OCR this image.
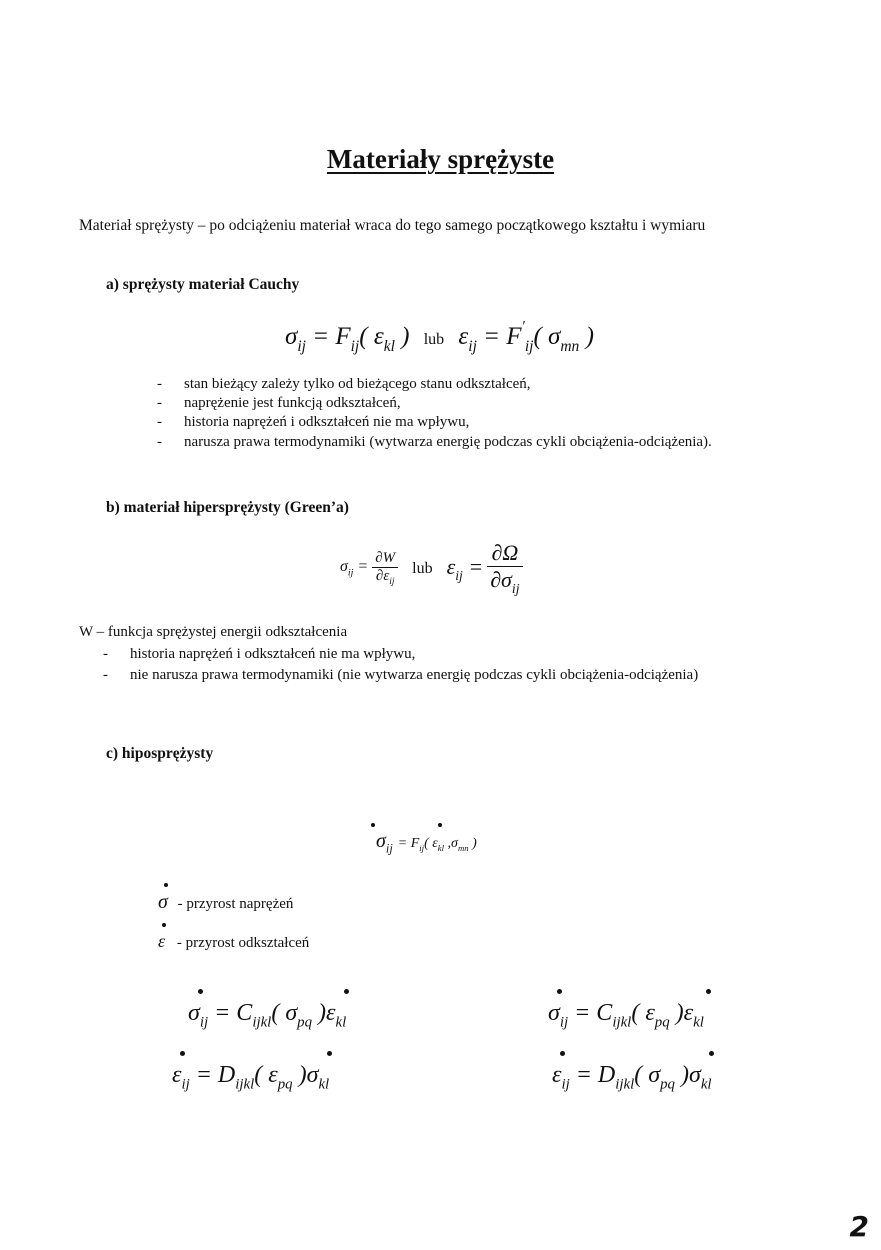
Materiały sprężyste
Materiał sprężysty – po odciążeniu materiał wraca do tego samego początkowego kształtu i wymiaru
a) sprężysty materiał Cauchy
$\sigma_{ij} = F_{ij}$( $\varepsilon_{kl}$ ) lub $\varepsilon_{ij} = F'_{ij}$( $\sigma_{mn}$ )
- stan bieżący zależy tylko od bieżącego stanu odkształceń,
- naprężenie jest funkcją odkształceń,
- historia naprężeń i odkształceń nie ma wpływu,
- narusza prawa termodynamiki (wytwarza energię podczas cykli obciążenia-odciążenia).
b) materiał hipersprężysty (Green’a)
$\sigma_{ij} = \frac{\partial W}{\partial\varepsilon_{ij}}$ lub $\varepsilon_{ij} = \frac{\partial\Omega}{\partial\sigma_{ij}}$
W – funkcja sprężystej energii odkształcenia
- historia naprężeń i odkształceń nie ma wpływu,
- nie narusza prawa termodynamiki (nie wytwarza energię podczas cykli obciążenia-odciążenia)
c) hiposprężysty
$\sigma_{ij} = F_{ij}$( $\varepsilon_{kl}$ $,\sigma_{mn}$ )
σ - przyrost naprężeń
ε - przyrost odkształceń
$\sigma_{ij} = C_{ijkl}$( $\sigma_{pq}$ )$\varepsilon_{kl}$	$\sigma_{ij} = C_{ijkl}$( $\varepsilon_{pq}$ )$\varepsilon_{kl}$
$\varepsilon_{ij} = D_{ijkl}$( $\varepsilon_{pq}$ )$\sigma_{kl}$	$\varepsilon_{ij} = D_{ijkl}$( $\sigma_{pq}$ )$\sigma_{kl}$
2
